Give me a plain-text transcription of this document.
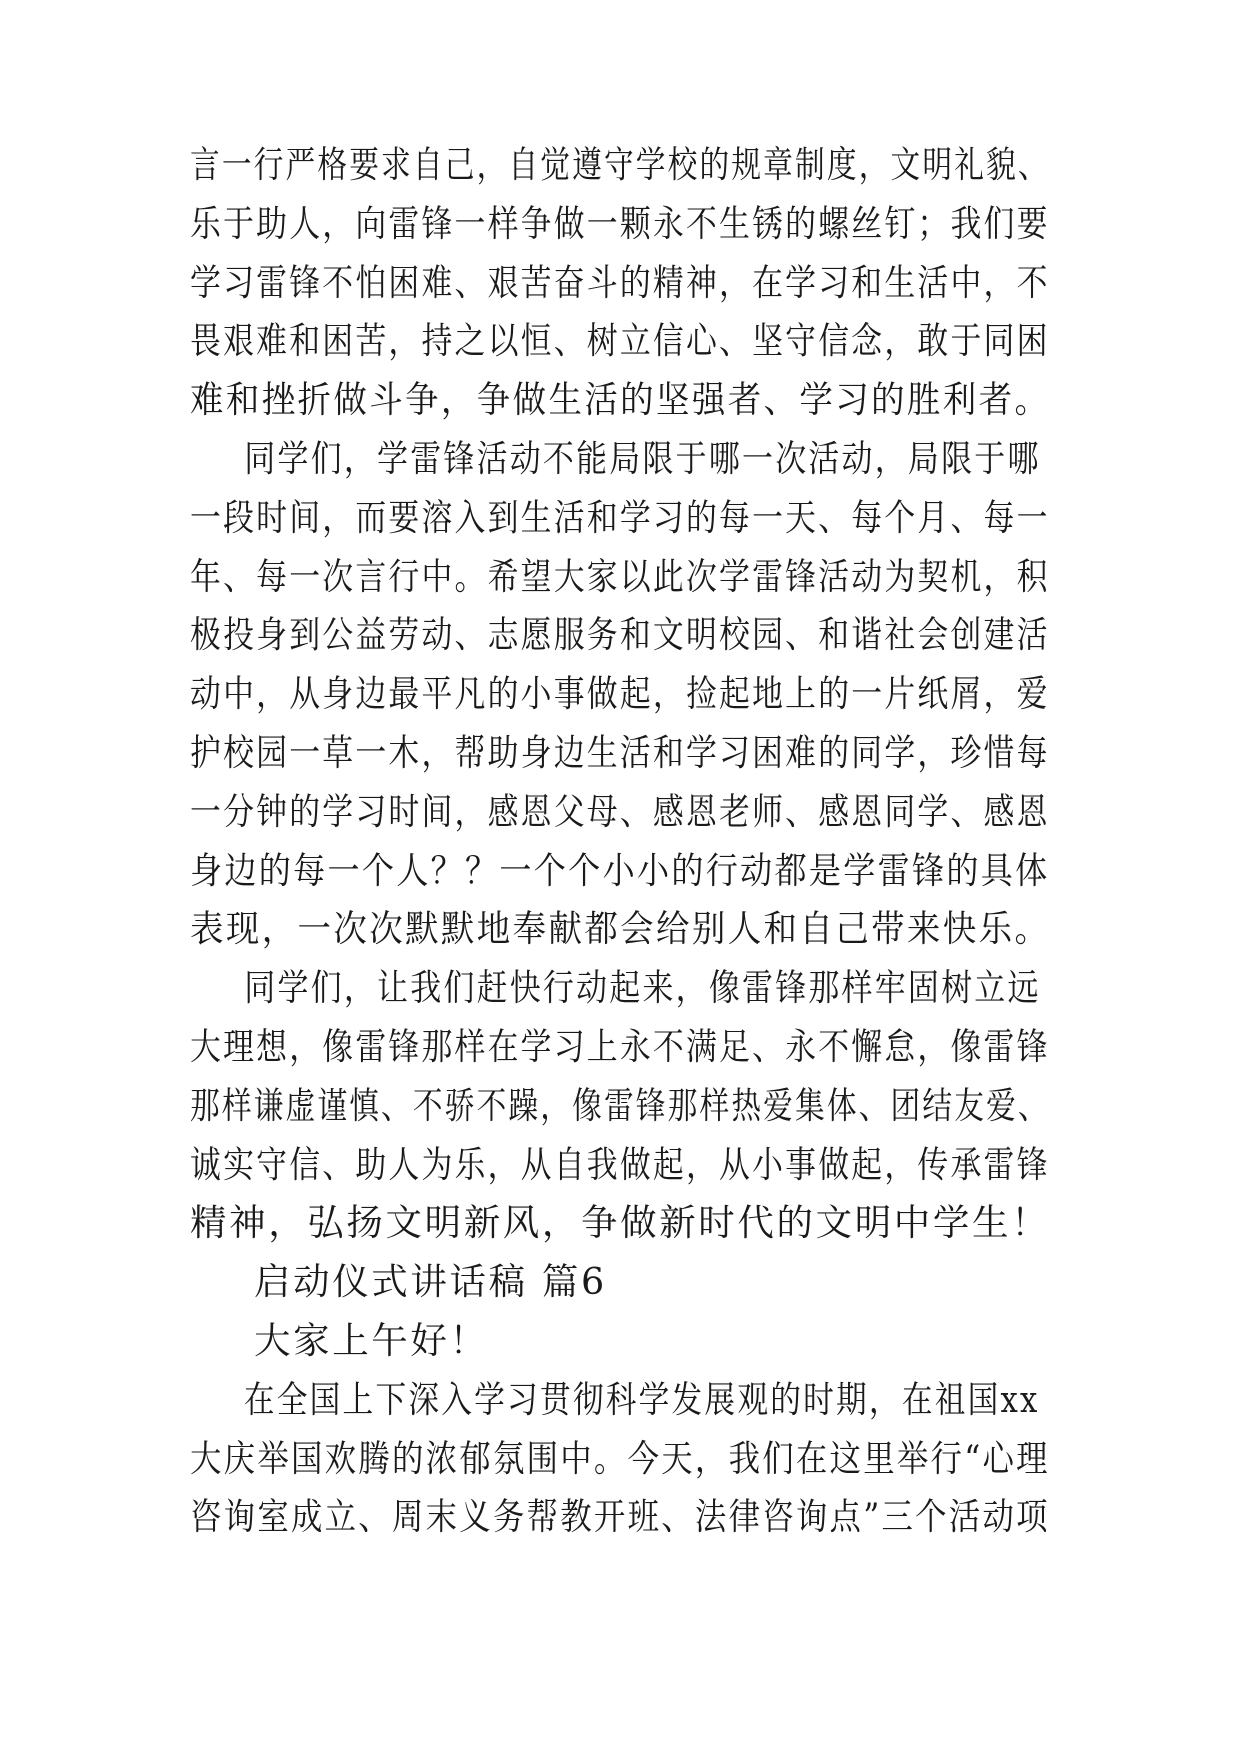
言一行严格要求自己，自觉遵守学校的规章制度，文明礼貌、
乐于助人，向雷锋一样争做一颗永不生锈的螺丝钉；我们要
学习雷锋不怕困难、艰苦奋斗的精神，在学习和生活中，不
畏艰难和困苦，持之以恒、树立信心、坚守信念，敢于同困
难和挫折做斗争，争做生活的坚强者、学习的胜利者。
同学们，学雷锋活动不能局限于哪一次活动，局限于哪
一段时间，而要溶入到生活和学习的每一天、每个月、每一
年、每一次言行中。希望大家以此次学雷锋活动为契机，积
极投身到公益劳动、志愿服务和文明校园、和谐社会创建活
动中，从身边最平凡的小事做起，捡起地上的一片纸屑，爱
护校园一草一木，帮助身边生活和学习困难的同学，珍惜每
一分钟的学习时间，感恩父母、感恩老师、感恩同学、感恩
身边的每一个人？？一个个小小的行动都是学雷锋的具体
表现，一次次默默地奉献都会给别人和自己带来快乐。
同学们，让我们赶快行动起来，像雷锋那样牢固树立远
大理想，像雷锋那样在学习上永不满足、永不懈怠，像雷锋
那样谦虚谨慎、不骄不躁，像雷锋那样热爱集体、团结友爱、
诚实守信、助人为乐，从自我做起，从小事做起，传承雷锋
精神，弘扬文明新风，争做新时代的文明中学生！
启动仪式讲话稿 篇6
大家上午好！
在全国上下深入学习贯彻科学发展观的时期，在祖国xx
大庆举国欢腾的浓郁氛围中。今天，我们在这里举行“心理
咨询室成立、周末义务帮教开班、法律咨询点”三个活动项
